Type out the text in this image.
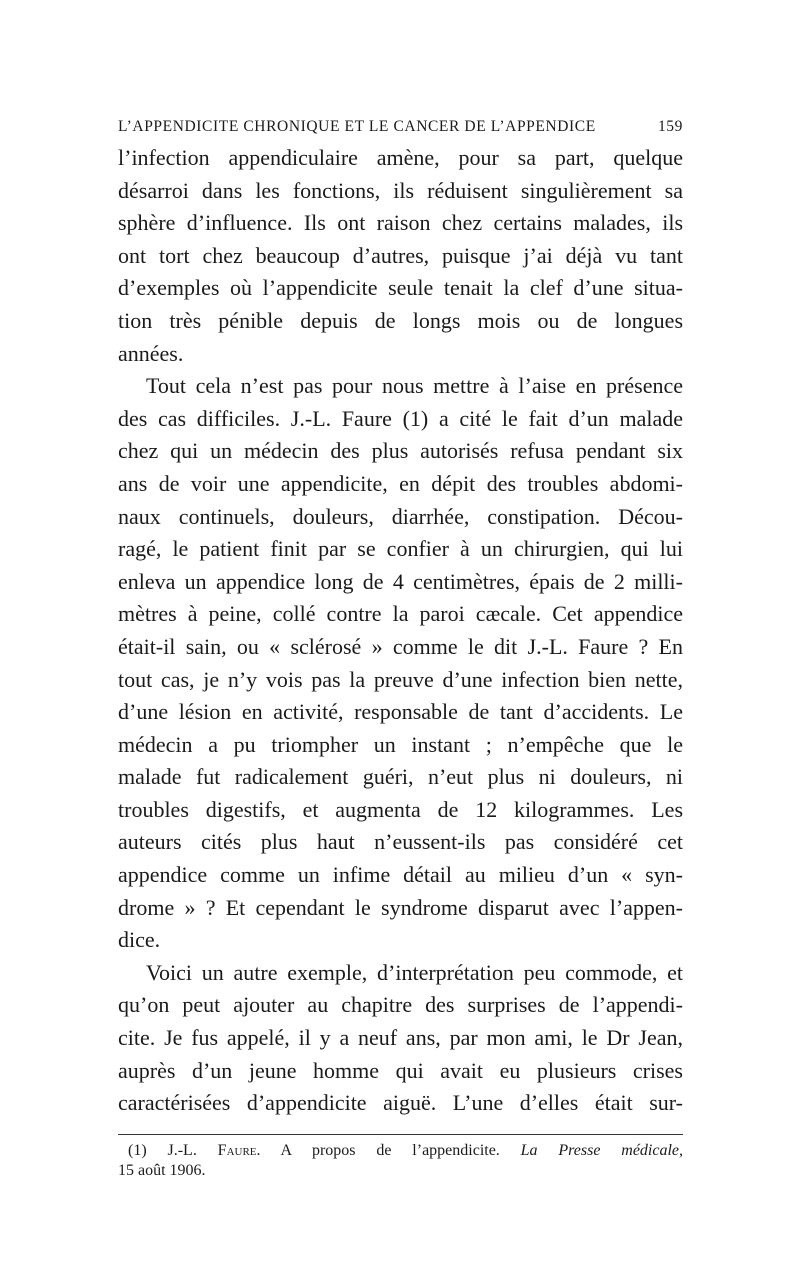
L’APPENDICITE CHRONIQUE ET LE CANCER DE L’APPENDICE	159
l’infection appendiculaire amène, pour sa part, quelque
désarroi dans les fonctions, ils réduisent singulièrement sa
sphère d’influence. Ils ont raison chez certains malades, ils
ont tort chez beaucoup d’autres, puisque j’ai déjà vu tant
d’exemples où l’appendicite seule tenait la clef d’une situa-
tion très pénible depuis de longs mois ou de longues
années.
Tout cela n’est pas pour nous mettre à l’aise en présence
des cas difficiles. J.-L. Faure (1) a cité le fait d’un malade
chez qui un médecin des plus autorisés refusa pendant six
ans de voir une appendicite, en dépit des troubles abdomi-
naux continuels, douleurs, diarrhée, constipation. Décou-
ragé, le patient finit par se confier à un chirurgien, qui lui
enleva un appendice long de 4 centimètres, épais de 2 milli-
mètres à peine, collé contre la paroi cæcale. Cet appendice
était-il sain, ou « sclérosé » comme le dit J.-L. Faure ? En
tout cas, je n’y vois pas la preuve d’une infection bien nette,
d’une lésion en activité, responsable de tant d’accidents. Le
médecin a pu triompher un instant ; n’empêche que le
malade fut radicalement guéri, n’eut plus ni douleurs, ni
troubles digestifs, et augmenta de 12 kilogrammes. Les
auteurs cités plus haut n’eussent-ils pas considéré cet
appendice comme un infime détail au milieu d’un « syn-
drome » ? Et cependant le syndrome disparut avec l’appen-
dice.
Voici un autre exemple, d’interprétation peu commode, et
qu’on peut ajouter au chapitre des surprises de l’appendi-
cite. Je fus appelé, il y a neuf ans, par mon ami, le Dr Jean,
auprès d’un jeune homme qui avait eu plusieurs crises
caractérisées d’appendicite aiguë. L’une d’elles était sur-
(1) J.-L. Faure. A propos de l’appendicite. La Presse médicale,
15 août 1906.
